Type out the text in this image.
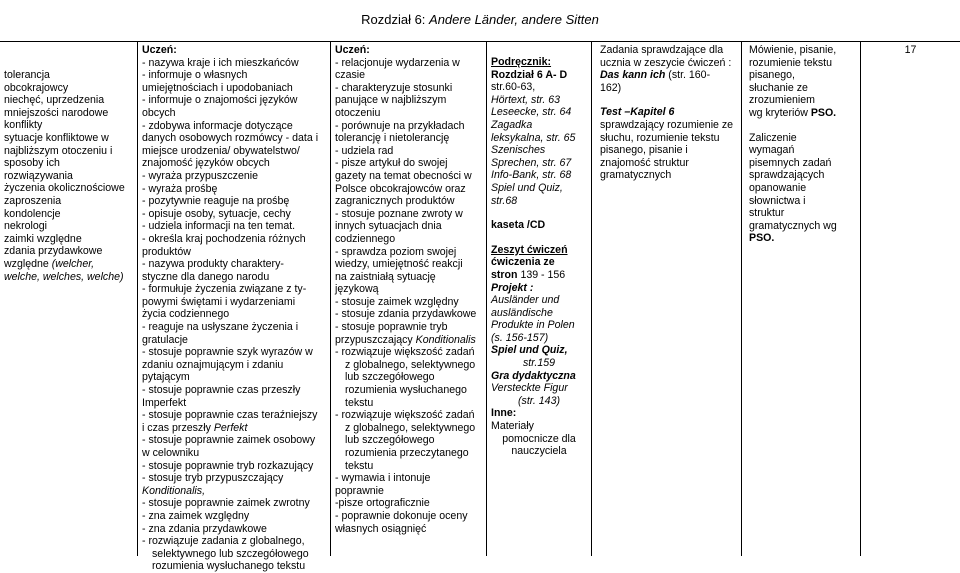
Rozdział 6: Andere Länder, andere Sitten
tolerancja
obcokrajowcy
niechęć, uprzedzenia
mniejszości narodowe
konflikty
sytuacje konfliktowe w
najbliższym otoczeniu i
sposoby ich
rozwiązywania
życzenia okolicznościowe
zaproszenia
kondolencje
nekrologi
zaimki względne
zdania przydawkowe
względne (welcher,
welche, welches, welche)
Uczeń:
- nazywa kraje i ich mieszkańców
- informuje o własnych
umiejętnościach i upodobaniach
- informuje o znajomości języków
obcych
- zdobywa informacje dotyczące
danych osobowych rozmówcy - data i
miejsce urodzenia/ obywatelstwo/
znajomość języków obcych
- wyraża przypuszczenie
- wyraża prośbę
- pozytywnie reaguje na prośbę
- opisuje osoby, sytuacje, cechy
- udziela informacji na ten temat.
- określa kraj pochodzenia różnych
produktów
- nazywa produkty charaktery-
styczne dla danego narodu
- formułuje życzenia związane z ty-
powymi świętami i wydarzeniami
życia codziennego
- reaguje na usłyszane życzenia i
gratulacje
- stosuje poprawnie szyk wyrazów w
zdaniu oznajmującym i zdaniu
pytającym
- stosuje poprawnie czas przeszły
Imperfekt
- stosuje poprawnie czas teraźniejszy
i czas przeszły Perfekt
- stosuje poprawnie zaimek osobowy
w celowniku
- stosuje poprawnie tryb rozkazujący
- stosuje tryb przypuszczający
Konditionalis,
- stosuje poprawnie zaimek zwrotny
- zna zaimek względny
- zna zdania przydawkowe
- rozwiązuje zadania z globalnego,
selektywnego lub szczegółowego
rozumienia wysłuchanego tekstu
Uczeń:
- relacjonuje wydarzenia w
czasie
- charakteryzuje stosunki
panujące w najbliższym
otoczeniu
- porównuje na przykładach
tolerancję i nietolerancję
- udziela rad
- pisze artykuł do swojej
gazety na temat obecności w
Polsce obcokrajowców oraz
zagranicznych produktów
- stosuje poznane zwroty w
innych sytuacjach dnia
codziennego
- sprawdza poziom swojej
wiedzy, umiejętność reakcji
na zaistniałą sytuację
językową
- stosuje zaimek względny
- stosuje zdania przydawkowe
- stosuje poprawnie tryb
przypuszczający Konditionalis
- rozwiązuje większość zadań
z globalnego, selektywnego
lub szczegółowego
rozumienia wysłuchanego
tekstu
- rozwiązuje większość zadań
z globalnego, selektywnego
lub szczegółowego
rozumienia przeczytanego
tekstu
- wymawia i intonuje
poprawnie
-pisze ortograficznie
- poprawnie dokonuje oceny
własnych osiągnięć
Podręcznik:
Rozdział 6 A- D
str.60-63,
Hörtext, str. 63
Leseecke, str. 64
Zagadka
leksykalna, str. 65
Szenisches
Sprechen, str. 67
Info-Bank, str. 68
Spiel und Quiz,
str.68
kaseta /CD
Zeszyt ćwiczeń
ćwiczenia ze
stron 139 - 156
Projekt :
Ausländer und
ausländische
Produkte in Polen
(s. 156-157)
Spiel und Quiz,
str.159
Gra dydaktyczna
Versteckte Figur
(str. 143)
Inne:
Materiały
pomocnicze dla
nauczyciela
Zadania sprawdzające dla
ucznia w zeszycie ćwiczeń :
Das kann ich (str. 160-
162)
Test –Kapitel 6
sprawdzający rozumienie ze
słuchu, rozumienie tekstu
pisanego, pisanie i
znajomość struktur
gramatycznych
Mówienie, pisanie,
rozumienie tekstu
pisanego,
słuchanie ze
zrozumieniem
wg kryteriów PSO.
Zaliczenie
wymagań
pisemnych zadań
sprawdzających
opanowanie
słownictwa i
struktur
gramatycznych wg
PSO.
17
